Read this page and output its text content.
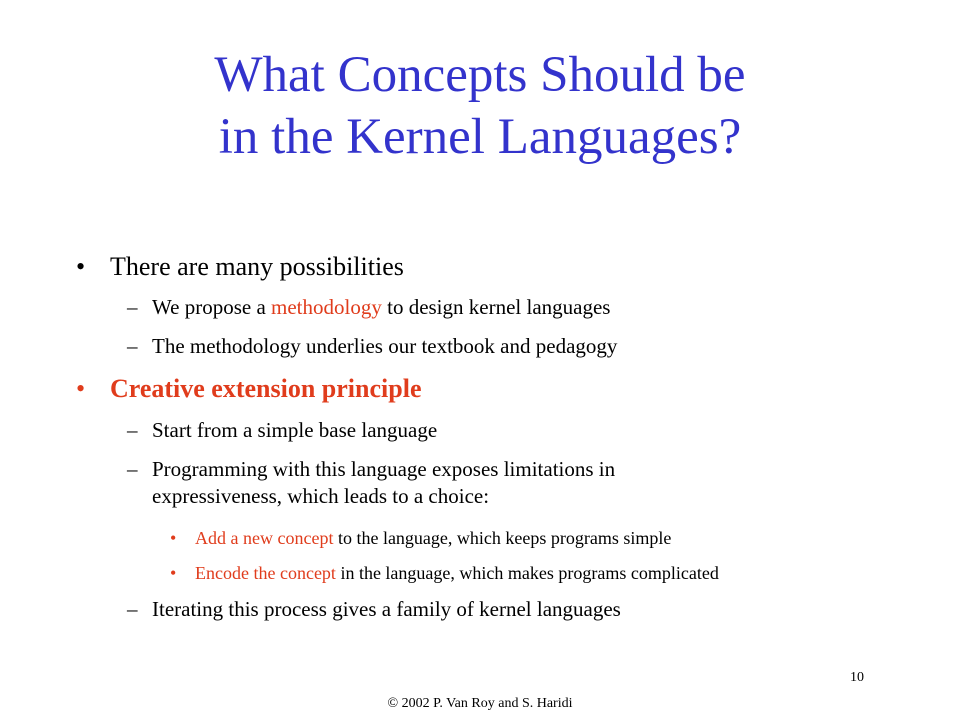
What Concepts Should be
in the Kernel Languages?
• There are many possibilities
– We propose a methodology to design kernel languages
– The methodology underlies our textbook and pedagogy
• Creative extension principle
– Start from a simple base language
– Programming with this language exposes limitations in
expressiveness, which leads to a choice:
• Add a new concept to the language, which keeps programs simple
• Encode the concept in the language, which makes programs complicated
– Iterating this process gives a family of kernel languages
10
© 2002 P. Van Roy and S. Haridi
